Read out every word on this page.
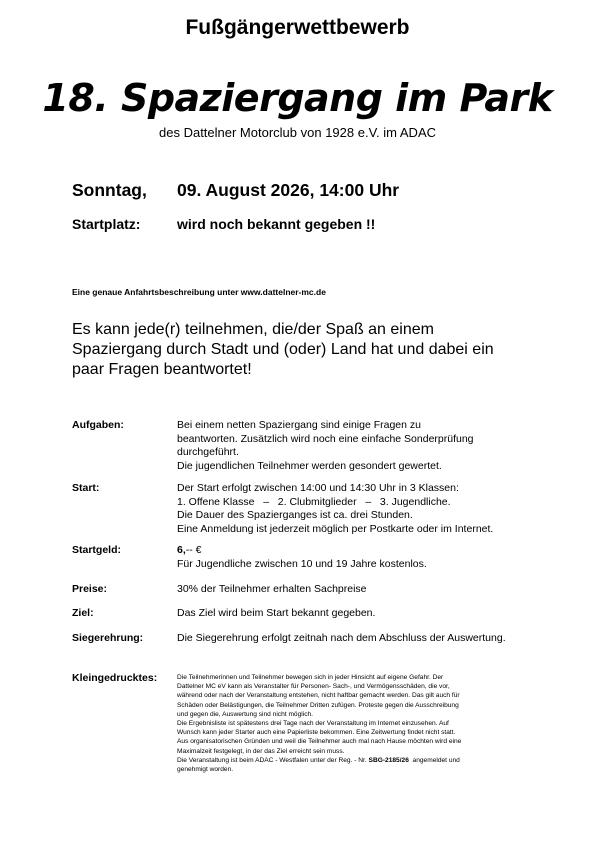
Fußgängerwettbewerb
18. Spaziergang im Park
des Dattelner Motorclub von 1928 e.V. im ADAC
Sonntag, 09. August 2026, 14:00 Uhr
Startplatz:	wird noch bekannt gegeben !!
Eine genaue Anfahrtsbeschreibung unter www.dattelner-mc.de
Es kann jede(r) teilnehmen, die/der Spaß an einem
Spaziergang durch Stadt und (oder) Land hat und dabei ein
paar Fragen beantwortet!
Aufgaben:	Bei einem netten Spaziergang sind einige Fragen zu
beantworten. Zusätzlich wird noch eine einfache Sonderprüfung
durchgeführt.
Die jugendlichen Teilnehmer werden gesondert gewertet.
Start:	Der Start erfolgt zwischen 14:00 und 14:30 Uhr in 3 Klassen:
1. Offene Klasse   –   2. Clubmitglieder   –   3. Jugendliche.
Die Dauer des Spazierganges ist ca. drei Stunden.
Eine Anmeldung ist jederzeit möglich per Postkarte oder im Internet.
Startgeld:	6,-- €
Für Jugendliche zwischen 10 und 19 Jahre kostenlos.
Preise:	30% der Teilnehmer erhalten Sachpreise
Ziel:	Das Ziel wird beim Start bekannt gegeben.
Siegerehrung:	Die Siegerehrung erfolgt zeitnah nach dem Abschluss der Auswertung.
Kleingedrucktes:	Die Teilnehmerinnen und Teilnehmer bewegen sich in jeder Hinsicht auf eigene Gefahr. Der
Dattelner MC eV kann als Veranstalter für Personen- Sach-, und Vermögensschäden, die vor,
während oder nach der Veranstaltung entstehen, nicht haftbar gemacht werden. Das gilt auch für
Schäden oder Belästigungen, die Teilnehmer Dritten zufügen. Proteste gegen die Ausschreibung
und gegen die, Auswertung sind nicht möglich.
Die Ergebnisliste ist spätestens drei Tage nach der Veranstaltung im Internet einzusehen. Auf
Wunsch kann jeder Starter auch eine Papierliste bekommen. Eine Zeitwertung findet nicht statt.
Aus organisatorischen Gründen und weil die Teilnehmer auch mal nach Hause möchten wird eine
Maximalzeit festgelegt, in der das Ziel erreicht sein muss.
Die Veranstaltung ist beim ADAC - Westfalen unter der Reg. - Nr. SBG-2185/26  angemeldet und
genehmigt worden.
